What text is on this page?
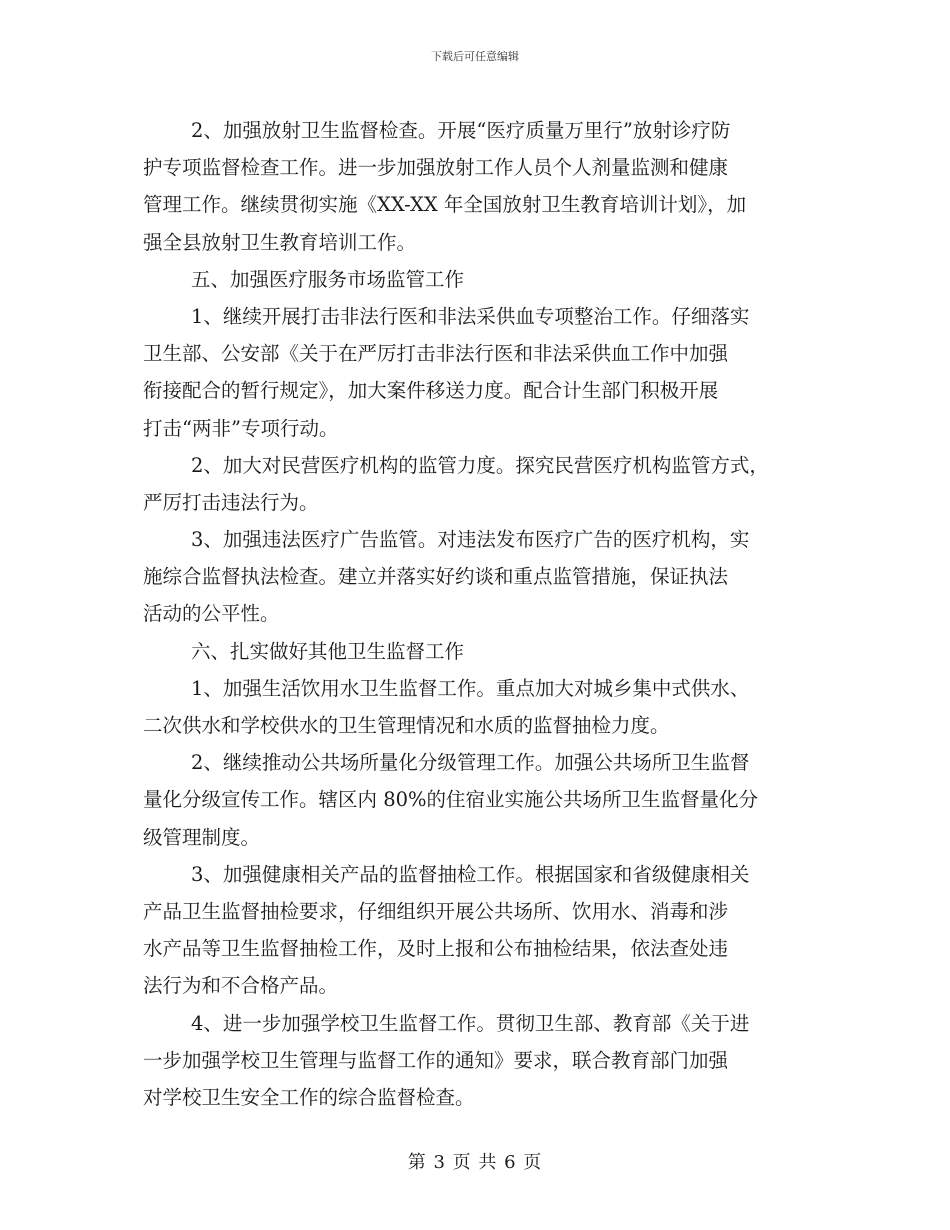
下载后可任意编辑
2、加强放射卫生监督检查。开展“医疗质量万里行”放射诊疗防
护专项监督检查工作。进一步加强放射工作人员个人剂量监测和健康
管理工作。继续贯彻实施《XX-XX 年全国放射卫生教育培训计划》，加
强全县放射卫生教育培训工作。
五、加强医疗服务市场监管工作
1、继续开展打击非法行医和非法采供血专项整治工作。仔细落实
卫生部、公安部《关于在严厉打击非法行医和非法采供血工作中加强
衔接配合的暂行规定》，加大案件移送力度。配合计生部门积极开展
打击“两非”专项行动。
2、加大对民营医疗机构的监管力度。探究民营医疗机构监管方式，
严厉打击违法行为。
3、加强违法医疗广告监管。对违法发布医疗广告的医疗机构，实
施综合监督执法检查。建立并落实好约谈和重点监管措施，保证执法
活动的公平性。
六、扎实做好其他卫生监督工作
1、加强生活饮用水卫生监督工作。重点加大对城乡集中式供水、
二次供水和学校供水的卫生管理情况和水质的监督抽检力度。
2、继续推动公共场所量化分级管理工作。加强公共场所卫生监督
量化分级宣传工作。辖区内 80%的住宿业实施公共场所卫生监督量化分
级管理制度。
3、加强健康相关产品的监督抽检工作。根据国家和省级健康相关
产品卫生监督抽检要求，仔细组织开展公共场所、饮用水、消毒和涉
水产品等卫生监督抽检工作，及时上报和公布抽检结果，依法查处违
法行为和不合格产品。
4、进一步加强学校卫生监督工作。贯彻卫生部、教育部《关于进
一步加强学校卫生管理与监督工作的通知》要求，联合教育部门加强
对学校卫生安全工作的综合监督检查。
第 3 页 共 6 页
